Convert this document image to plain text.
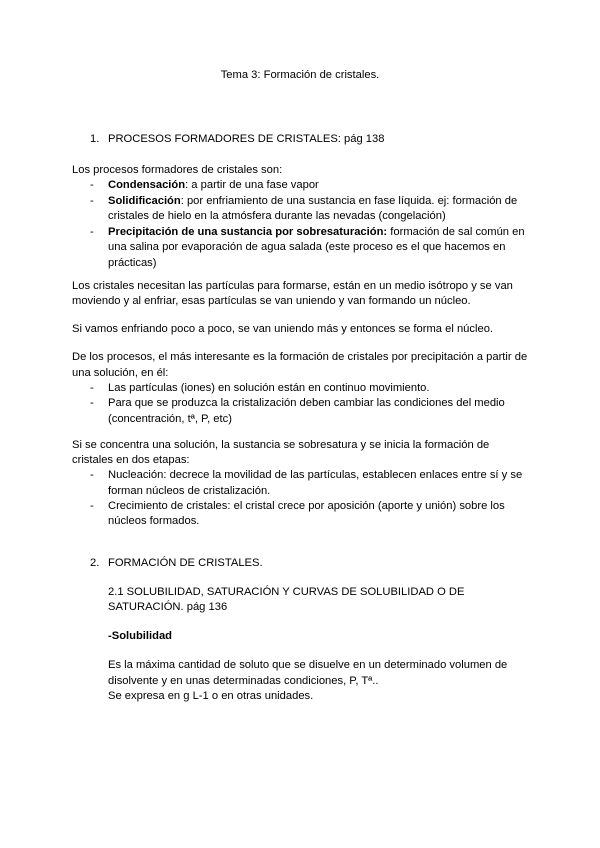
Tema 3: Formación de cristales.
1. PROCESOS FORMADORES DE CRISTALES: pág 138
Los procesos formadores de cristales son:
- Condensación: a partir de una fase vapor
- Solidificación: por enfriamiento de una sustancia en fase líquida. ej: formación de
cristales de hielo en la atmósfera durante las nevadas (congelación)
- Precipitación de una sustancia por sobresaturación: formación de sal común en
una salina por evaporación de agua salada (este proceso es el que hacemos en
prácticas)
Los cristales necesitan las partículas para formarse, están en un medio isótropo y se van
moviendo y al enfriar, esas partículas se van uniendo y van formando un núcleo.
Si vamos enfriando poco a poco, se van uniendo más y entonces se forma el núcleo.
De los procesos, el más interesante es la formación de cristales por precipitación a partir de
una solución, en él:
- Las partículas (iones) en solución están en continuo movimiento.
- Para que se produzca la cristalización deben cambiar las condiciones del medio
(concentración, tª, P, etc)
Si se concentra una solución, la sustancia se sobresatura y se inicia la formación de
cristales en dos etapas:
- Nucleación: decrece la movilidad de las partículas, establecen enlaces entre sí y se
forman núcleos de cristalización.
- Crecimiento de cristales: el cristal crece por aposición (aporte y unión) sobre los
núcleos formados.
2. FORMACIÓN DE CRISTALES.
2.1 SOLUBILIDAD, SATURACIÓN Y CURVAS DE SOLUBILIDAD O DE
SATURACIÓN. pág 136
-Solubilidad
Es la máxima cantidad de soluto que se disuelve en un determinado volumen de
disolvente y en unas determinadas condiciones, P, Tª..
Se expresa en g L-1 o en otras unidades.
